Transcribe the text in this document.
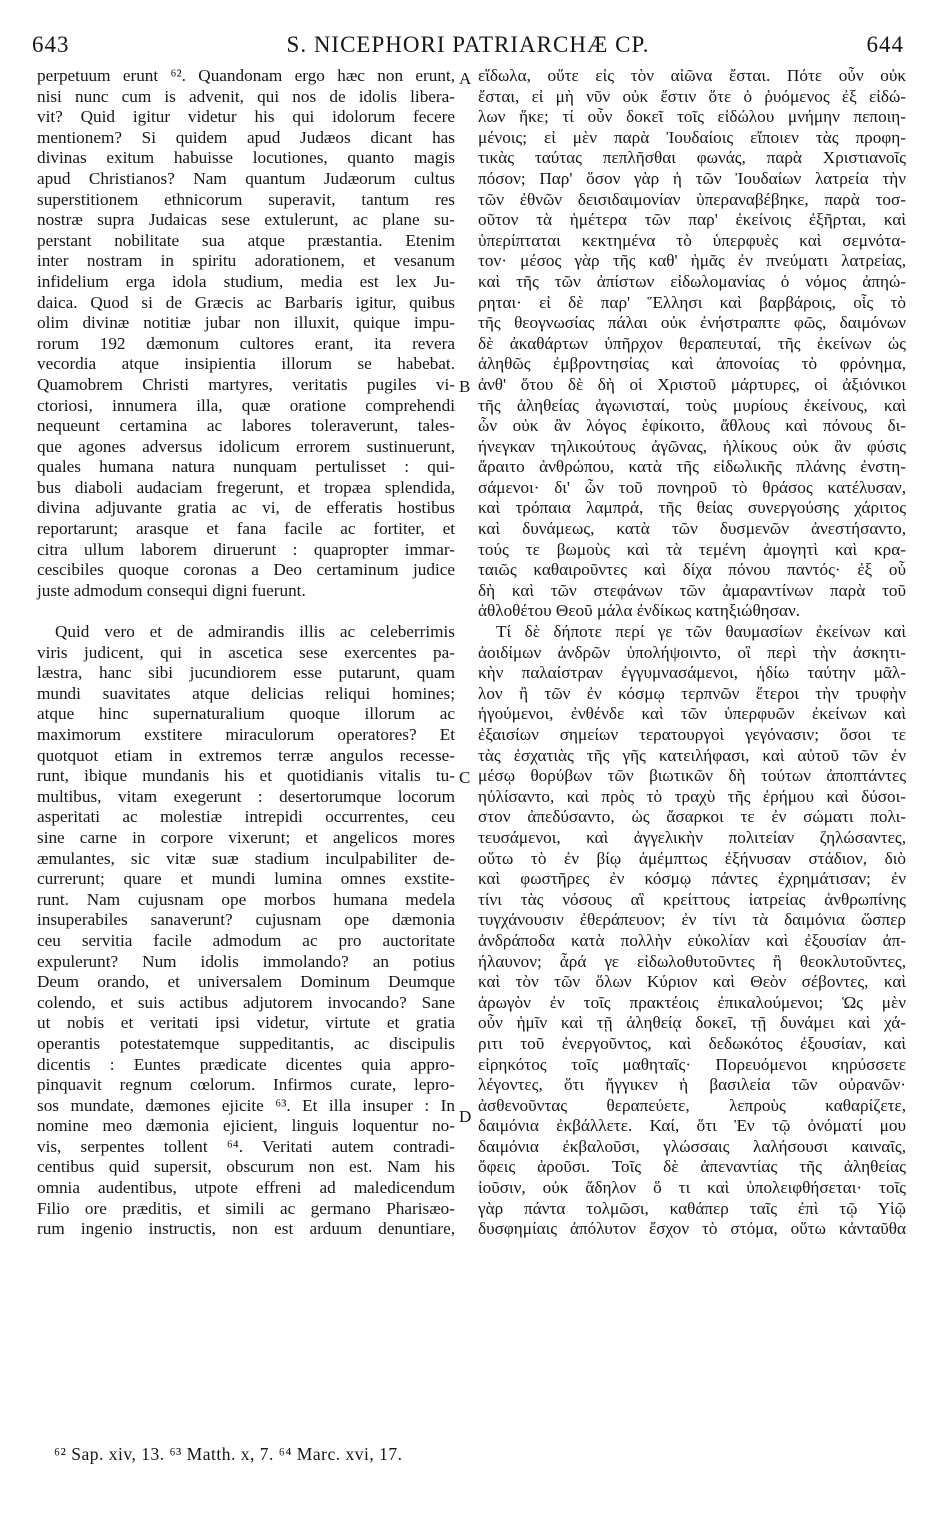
643	S. NICEPHORI PATRIARCHÆ CP.	644
perpetuum erunt ⁶². Quandonam ergo hæc non erunt,
nisi nunc cum is advenit, qui nos de idolis libera-
vit? Quid igitur videtur his qui idolorum fecere
mentionem? Si quidem apud Judæos dicant has
divinas exitum habuisse locutiones, quanto magis
apud Christianos? Nam quantum Judæorum cultus
superstitionem ethnicorum superavit, tantum res
nostræ supra Judaicas sese extulerunt, ac plane su-
perstant nobilitate sua atque præstantia. Etenim
inter nostram in spiritu adorationem, et vesanum
infidelium erga idola studium, media est lex Ju-
daica. Quod si de Græcis ac Barbaris igitur, quibus
olim divinæ notitiæ jubar non illuxit, quique impu-
rorum 192 dæmonum cultores erant, ita revera
vecordia atque insipientia illorum se habebat.
Quamobrem Christi martyres, veritatis pugiles vi-
ctoriosi, innumera illa, quæ oratione comprehendi
nequeunt certamina ac labores toleraverunt, tales-
que agones adversus idolicum errorem sustinuerunt,
quales humana natura nunquam pertulisset : qui-
bus diaboli audaciam fregerunt, et tropæa splendida,
divina adjuvante gratia ac vi, de efferatis hostibus
reportarunt; arasque et fana facile ac fortiter, et
citra ullum laborem diruerunt : quapropter immar-
cescibiles quoque coronas a Deo certaminum judice
juste admodum consequi digni fuerunt.
Quid vero et de admirandis illis ac celeberrimis
viris judicent, qui in ascetica sese exercentes pa-
læstra, hanc sibi jucundiorem esse putarunt, quam
mundi suavitates atque delicias reliqui homines;
atque hinc supernaturalium quoque illorum ac
maximorum exstitere miraculorum operatores? Et
quotquot etiam in extremos terræ angulos recesse-
runt, ibique mundanis his et quotidianis vitalis tu-
multibus, vitam exegerunt : desertorumque locorum
asperitati ac molestiæ intrepidi occurrentes, ceu
sine carne in corpore vixerunt; et angelicos mores
æmulantes, sic vitæ suæ stadium inculpabiliter de-
currerunt; quare et mundi lumina omnes exstite-
runt. Nam cujusnam ope morbos humana medela
insuperabiles sanaverunt? cujusnam ope dæmonia
ceu servitia facile admodum ac pro auctoritate
expulerunt? Num idolis immolando? an potius
Deum orando, et universalem Dominum Deumque
colendo, et suis actibus adjutorem invocando? Sane
ut nobis et veritati ipsi videtur, virtute et gratia
operantis potestatemque suppeditantis, ac discipulis
dicentis : Euntes prædicate dicentes quia appro-
pinquavit regnum cœlorum. Infirmos curate, lepro-
sos mundate, dæmones ejicite ⁶³. Et illa insuper : In
nomine meo dæmonia ejicient, linguis loquentur no-
vis, serpentes tollent ⁶⁴. Veritati autem contradi-
centibus quid supersit, obscurum non est. Nam his
omnia audentibus, utpote effreni ad maledicendum
Filio ore præditis, et simili ac germano Pharisæo-
rum ingenio instructis, non est arduum denuntiare,
εἴδωλα, οὔτε εἰς τὸν αἰῶνα ἔσται. Πότε οὖν οὐκ
ἔσται, εἰ μὴ νῦν οὐκ ἔστιν ὅτε ὁ ῥυόμενος ἐξ εἰδώ-
λων ἥκε; τί οὖν δοκεῖ τοῖς εἰδώλου μνήμην πεποιη-
μένοις; εἰ μὲν παρὰ Ἰουδαίοις εἴποιεν τὰς προφη-
τικὰς ταύτας πεπλῆσθαι φωνάς, παρὰ Χριστιανοῖς
πόσον; Παρ' ὅσον γὰρ ἡ τῶν Ἰουδαίων λατρεία τὴν
τῶν ἐθνῶν δεισιδαιμονίαν ὑπεραναβέβηκε, παρὰ τοσ-
οῦτον τὰ ἡμέτερα τῶν παρ' ἐκείνοις ἐξῆρται, καὶ
ὑπερίπταται κεκτημένα τὸ ὑπερφυὲς καὶ σεμνότα-
τον· μέσος γὰρ τῆς καθ' ἡμᾶς ἐν πνεύματι λατρείας,
καὶ τῆς τῶν ἀπίστων εἰδωλομανίας ὁ νόμος ἀπηώ-
ρηται· εἰ δὲ παρ' Ἕλλησι καὶ βαρβάροις, οἷς τὸ
τῆς θεογνωσίας πάλαι οὐκ ἐνήστραπτε φῶς, δαιμόνων
δὲ ἀκαθάρτων ὑπῆρχον θεραπευταί, τῆς ἐκείνων ὡς
ἀληθῶς ἐμβροντησίας καὶ ἀπονοίας τὸ φρόνημα,
ἀνθ' ὅτου δὲ δὴ οἱ Χριστοῦ μάρτυρες, οἱ ἀξιόνικοι
τῆς ἀληθείας ἀγωνισταί, τοὺς μυρίους ἐκείνους, καὶ
ὧν οὐκ ἂν λόγος ἐφίκοιτο, ἄθλους καὶ πόνους δι-
ήνεγκαν τηλικούτους ἀγῶνας, ἡλίκους οὐκ ἂν φύσις
ἄραιτο ἀνθρώπου, κατὰ τῆς εἰδωλικῆς πλάνης ἐνστη-
σάμενοι· δι' ὧν τοῦ πονηροῦ τὸ θράσος κατέλυσαν,
καὶ τρόπαια λαμπρά, τῆς θείας συνεργούσης χάριτος
καὶ δυνάμεως, κατὰ τῶν δυσμενῶν ἀνεστήσαντο,
τούς τε βωμοὺς καὶ τὰ τεμένη ἀμογητὶ καὶ κρα-
ταιῶς καθαιροῦντες καὶ δίχα πόνου παντός· ἐξ οὗ
δὴ καὶ τῶν στεφάνων τῶν ἀμαραντίνων παρὰ τοῦ
ἀθλοθέτου Θεοῦ μάλα ἐνδίκως κατηξιώθησαν.
Τί δὲ δήποτε περί γε τῶν θαυμασίων ἐκείνων καὶ
ἀοιδίμων ἀνδρῶν ὑπολήψοιντο, οἳ περὶ τὴν ἀσκητι-
κὴν παλαίστραν ἐγγυμνασάμενοι, ἡδίω ταύτην μᾶλ-
λον ἢ τῶν ἐν κόσμῳ τερπνῶν ἕτεροι τὴν τρυφὴν
ἡγούμενοι, ἐνθένδε καὶ τῶν ὑπερφυῶν ἐκείνων καὶ
ἐξαισίων σημείων τερατουργοὶ γεγόνασιν; ὅσοι τε
τὰς ἐσχατιὰς τῆς γῆς κατειλήφασι, καὶ αὐτοῦ τῶν ἐν
μέσῳ θορύβων τῶν βιωτικῶν δὴ τούτων ἀποπτάντες
ηὐλίσαντο, καὶ πρὸς τὸ τραχὺ τῆς ἐρήμου καὶ δύσοι-
στον ἀπεδύσαντο, ὡς ἄσαρκοι τε ἐν σώματι πολι-
τευσάμενοι, καὶ ἀγγελικὴν πολιτείαν ζηλώσαντες,
οὕτω τὸ ἐν βίῳ ἀμέμπτως ἐξήνυσαν στάδιον, διὸ
καὶ φωστῆρες ἐν κόσμῳ πάντες ἐχρημάτισαν; ἐν
τίνι τὰς νόσους αἳ κρείττους ἰατρείας ἀνθρωπίνης
τυγχάνουσιν ἐθεράπευον; ἐν τίνι τὰ δαιμόνια ὥσπερ
ἀνδράποδα κατὰ πολλὴν εὐκολίαν καὶ ἐξουσίαν ἀπ-
ήλαυνον; ἆρά γε εἰδωλοθυτοῦντες ἢ θεοκλυτοῦντες,
καὶ τὸν τῶν ὅλων Κύριον καὶ Θεὸν σέβοντες, καὶ
ἀρωγὸν ἐν τοῖς πρακτέοις ἐπικαλούμενοι; Ὡς μὲν
οὖν ἡμῖν καὶ τῇ ἀληθείᾳ δοκεῖ, τῇ δυνάμει καὶ χά-
ριτι τοῦ ἐνεργοῦντος, καὶ δεδωκότος ἐξουσίαν, καὶ
εἰρηκότος τοῖς μαθηταῖς· Πορευόμενοι κηρύσσετε
λέγοντες, ὅτι ἤγγικεν ἡ βασιλεία τῶν οὐρανῶν·
ἀσθενοῦντας θεραπεύετε, λεπροὺς καθαρίζετε,
δαιμόνια ἐκβάλλετε. Καί, ὅτι Ἐν τῷ ὀνόματί μου
δαιμόνια ἐκβαλοῦσι, γλώσσαις λαλήσουσι καιναῖς,
ὄφεις ἀροῦσι. Τοῖς δὲ ἀπεναντίας τῆς ἀληθείας
ἰοῦσιν, οὐκ ἄδηλον ὅ τι καὶ ὑπολειφθήσεται· τοῖς
γὰρ πάντα τολμῶσι, καθάπερ ταῖς ἐπὶ τῷ Υἱῷ
δυσφημίαις ἀπόλυτον ἔσχον τὸ στόμα, οὕτω κἀνταῦθα
A
B
C
D
⁶² Sap. xiv, 13. ⁶³ Matth. x, 7. ⁶⁴ Marc. xvi, 17.
